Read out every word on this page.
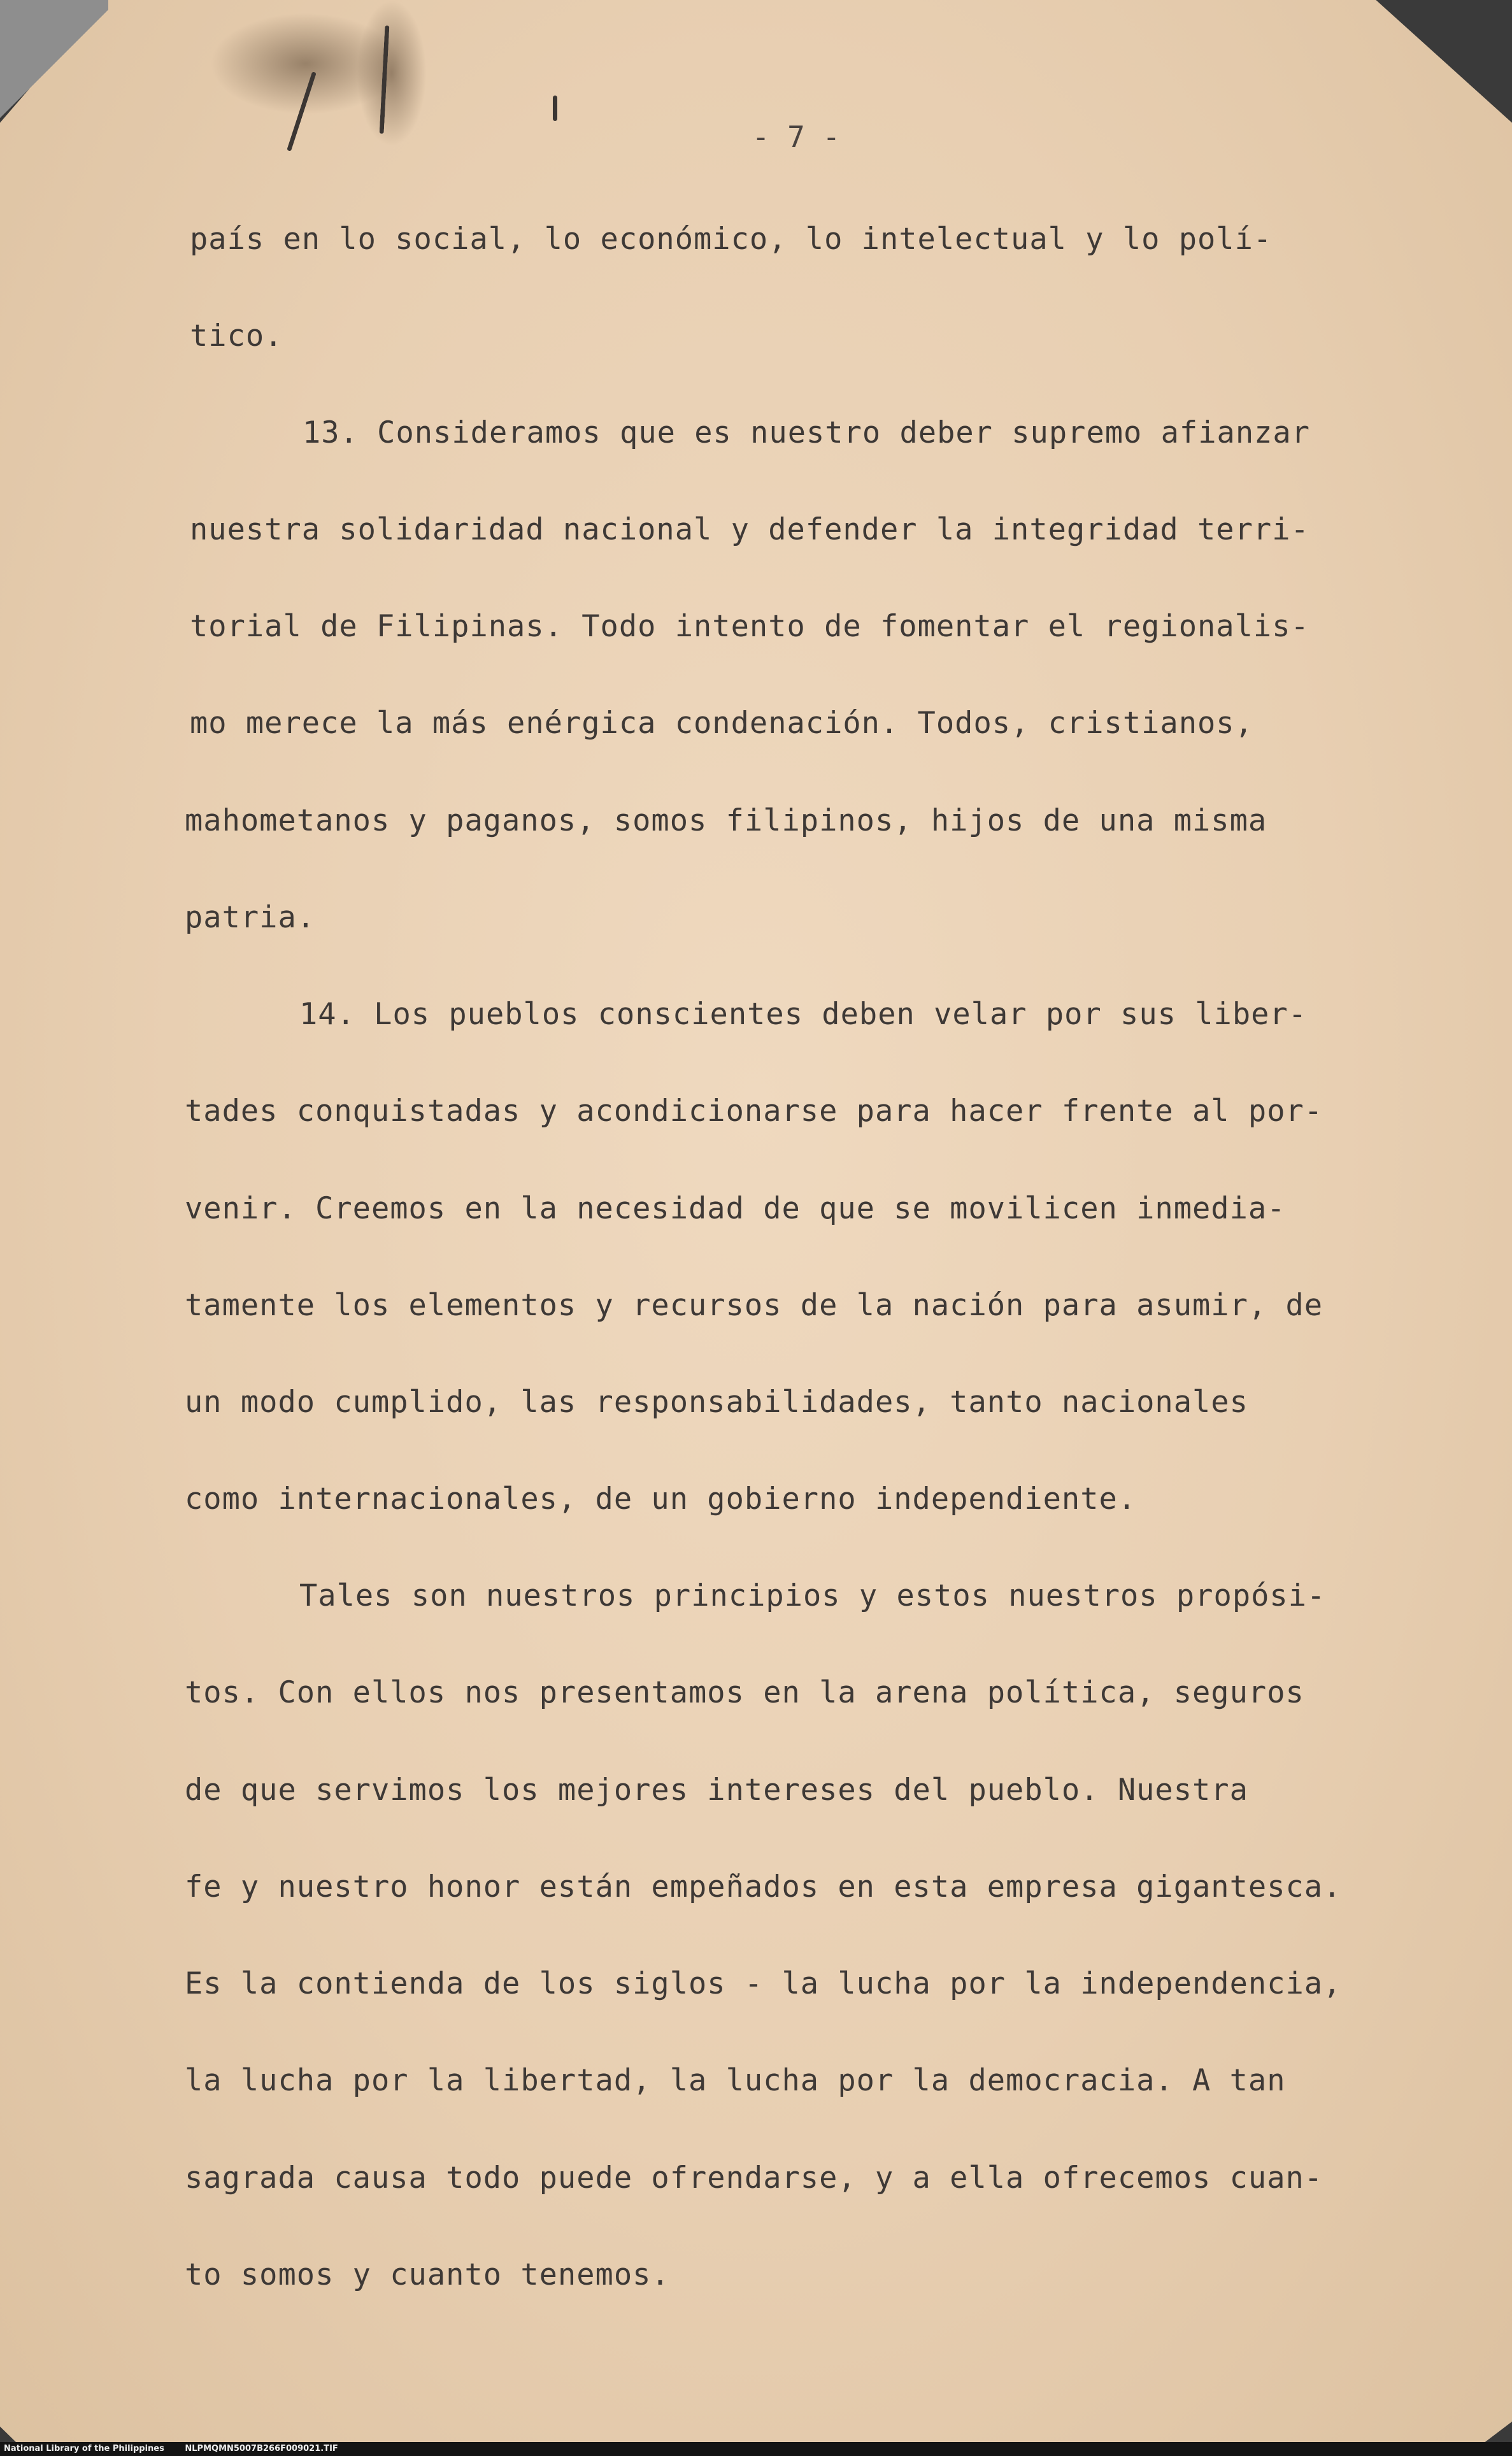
- 7 -
país en lo social, lo económico, lo intelectual y lo polí-
tico.
13. Consideramos que es nuestro deber supremo afianzar
nuestra solidaridad nacional y defender la integridad terri-
torial de Filipinas. Todo intento de fomentar el regionalis-
mo merece la más enérgica condenación. Todos, cristianos,
mahometanos y paganos, somos filipinos, hijos de una misma
patria.
14. Los pueblos conscientes deben velar por sus liber-
tades conquistadas y acondicionarse para hacer frente al por-
venir. Creemos en la necesidad de que se movilicen inmedia-
tamente los elementos y recursos de la nación para asumir, de
un modo cumplido, las responsabilidades, tanto nacionales
como internacionales, de un gobierno independiente.
Tales son nuestros principios y estos nuestros propósi-
tos. Con ellos nos presentamos en la arena política, seguros
de que servimos los mejores intereses del pueblo. Nuestra
fe y nuestro honor están empeñados en esta empresa gigantesca.
Es la contienda de los siglos - la lucha por la independencia,
la lucha por la libertad, la lucha por la democracia. A tan
sagrada causa todo puede ofrendarse, y a ella ofrecemos cuan-
to somos y cuanto tenemos.
National Library of the Philippines	NLPMQMN5007B266F009021.TIF
